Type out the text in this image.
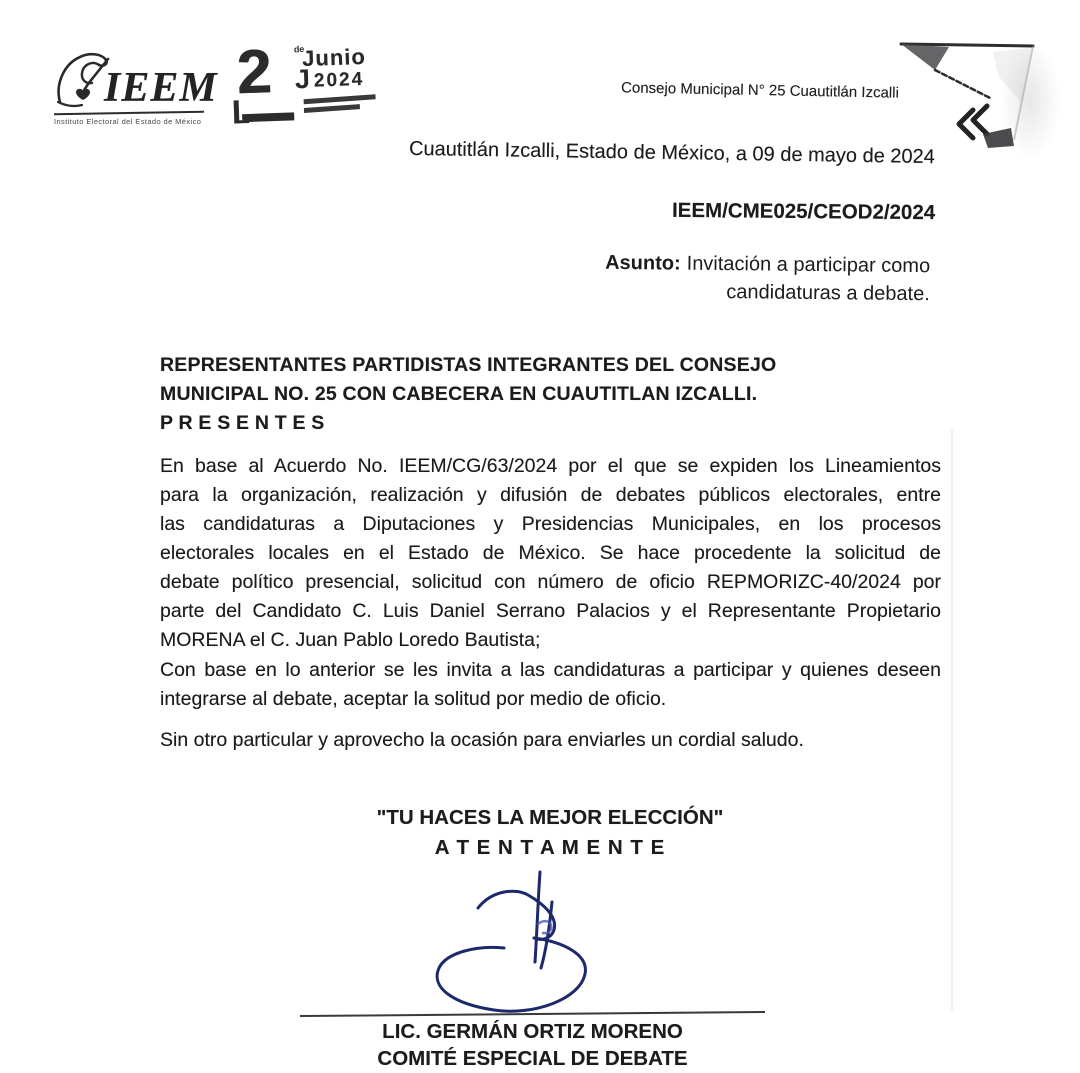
IEEM
Instituto Electoral del Estado de México
2 de
Junio
J 2024	Consejo Municipal N° 25 Cuautitlán Izcalli
Cuautitlán Izcalli, Estado de México, a 09 de mayo de 2024
IEEM/CME025/CEOD2/2024
Asunto: Invitación a participar como
candidaturas a debate.
REPRESENTANTES PARTIDISTAS INTEGRANTES DEL CONSEJO
MUNICIPAL NO. 25 CON CABECERA EN CUAUTITLAN IZCALLI.
P R E S E N T E S
En base al Acuerdo No. IEEM/CG/63/2024 por el que se expiden los Lineamientos
para la organización, realización y difusión de debates públicos electorales, entre
las candidaturas a Diputaciones y Presidencias Municipales, en los procesos
electorales locales en el Estado de México. Se hace procedente la solicitud de
debate político presencial, solicitud con número de oficio REPMORIZC-40/2024 por
parte del Candidato C. Luis Daniel Serrano Palacios y el Representante Propietario
MORENA el C. Juan Pablo Loredo Bautista;
Con base en lo anterior se les invita a las candidaturas a participar y quienes deseen
integrarse al debate, aceptar la solitud por medio de oficio.
Sin otro particular y aprovecho la ocasión para enviarles un cordial saludo.
"TU HACES LA MEJOR ELECCIÓN"
A T E N T A M E N T E
LIC. GERMÁN ORTIZ MORENO
COMITÉ ESPECIAL DE DEBATE
